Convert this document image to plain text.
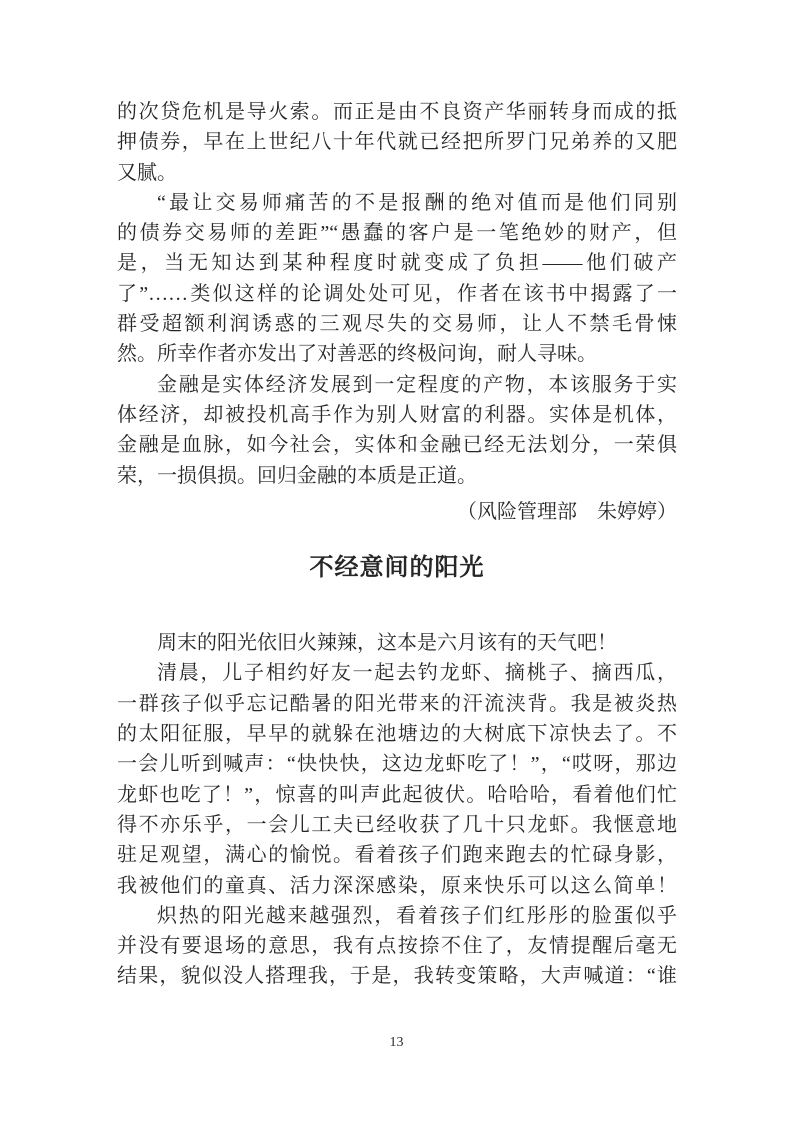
的次贷危机是导火索。而正是由不良资产华丽转身而成的抵
押债券，早在上世纪八十年代就已经把所罗门兄弟养的又肥
又腻。
“最让交易师痛苦的不是报酬的绝对值而是他们同别
的债券交易师的差距”“愚蠢的客户是一笔绝妙的财产，但
是，当无知达到某种程度时就变成了负担——他们破产
了”……类似这样的论调处处可见，作者在该书中揭露了一
群受超额利润诱惑的三观尽失的交易师，让人不禁毛骨悚
然。所幸作者亦发出了对善恶的终极问询，耐人寻味。
金融是实体经济发展到一定程度的产物，本该服务于实
体经济，却被投机高手作为别人财富的利器。实体是机体，
金融是血脉，如今社会，实体和金融已经无法划分，一荣俱
荣，一损俱损。回归金融的本质是正道。
（风险管理部　朱婷婷）
不经意间的阳光
周末的阳光依旧火辣辣，这本是六月该有的天气吧！
清晨，儿子相约好友一起去钓龙虾、摘桃子、摘西瓜，
一群孩子似乎忘记酷暑的阳光带来的汗流浃背。我是被炎热
的太阳征服，早早的就躲在池塘边的大树底下凉快去了。不
一会儿听到喊声：“快快快，这边龙虾吃了！”，“哎呀，那边
龙虾也吃了！”，惊喜的叫声此起彼伏。哈哈哈，看着他们忙
得不亦乐乎，一会儿工夫已经收获了几十只龙虾。我惬意地
驻足观望，满心的愉悦。看着孩子们跑来跑去的忙碌身影，
我被他们的童真、活力深深感染，原来快乐可以这么简单！
炽热的阳光越来越强烈，看着孩子们红彤彤的脸蛋似乎
并没有要退场的意思，我有点按捺不住了，友情提醒后毫无
结果，貌似没人搭理我，于是，我转变策略，大声喊道：“谁
13
